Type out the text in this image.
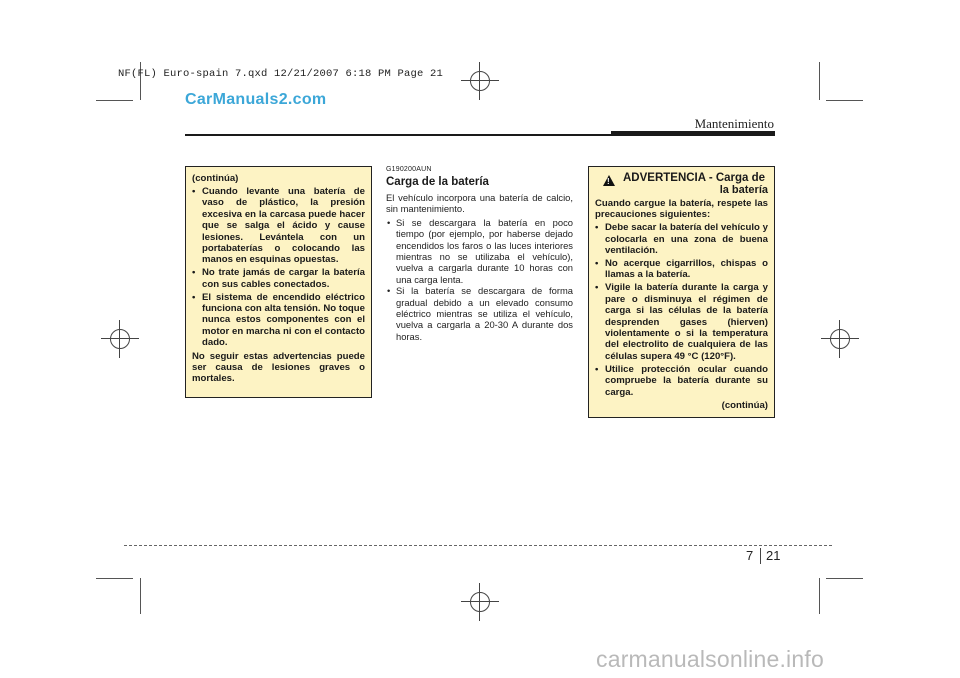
NF(FL) Euro-spain 7.qxd 12/21/2007 6:18 PM Page 21
CarManuals2.com
Mantenimiento

(continúa)

• Cuando levante una batería de vaso de plástico, la presión excesiva en la carcasa puede hacer que se salga el ácido y cause lesiones. Levántela con un portabaterías o colocando las manos en esquinas opuestas.
• No trate jamás de cargar la batería con sus cables conectados.
• El sistema de encendido eléctrico funciona con alta tensión. No toque nunca estos componentes con el motor en marcha ni con el contacto dado.

No seguir estas advertencias puede ser causa de lesiones graves o mortales.

G190200AUN
Carga de la batería

El vehículo incorpora una batería de calcio, sin mantenimiento.

• Si se descargara la batería en poco tiempo (por ejemplo, por haberse dejado encendidos los faros o las luces interiores mientras no se utilizaba el vehículo), vuelva a cargarla durante 10 horas con una carga lenta.
• Si la batería se descargara de forma gradual debido a un elevado consumo eléctrico mientras se utiliza el vehículo, vuelva a cargarla a 20-30 A durante dos horas.
! ADVERTENCIA - Carga de
la batería

Cuando cargue la batería, respete las precauciones siguientes:

• Debe sacar la batería del vehículo y colocarla en una zona de buena ventilación.
• No acerque cigarrillos, chispas o llamas a la batería.
• Vigile la batería durante la carga y pare o disminuya el régimen de carga si las células de la batería desprenden gases (hierven) violentamente o si la temperatura del electrolito de cualquiera de las células supera 49 °C (120°F).
• Utilice protección ocular cuando compruebe la batería durante su carga.

(continúa)

7 21
carmanualsonline.info
